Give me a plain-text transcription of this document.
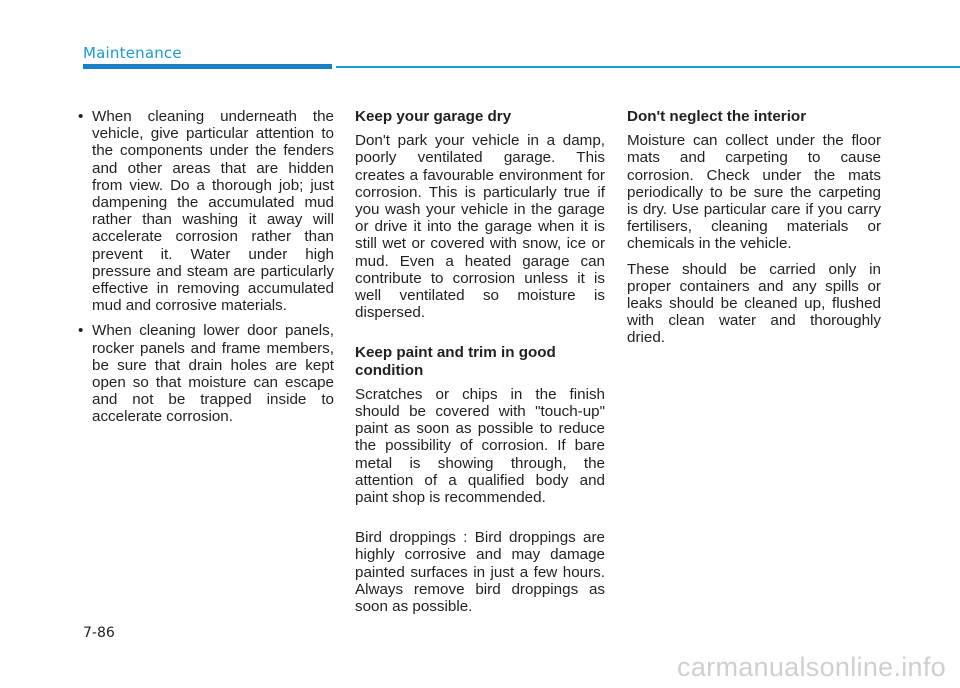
Maintenance
• When cleaning underneath the vehicle, give particular attention to the components under the fenders and other areas that are hidden from view. Do a thorough job; just dampening the accumulated mud rather than washing it away will accelerate corrosion rather than prevent it. Water under high pressure and steam are particularly effective in removing accumulated mud and corrosive materials.
• When cleaning lower door panels, rocker panels and frame members, be sure that drain holes are kept open so that moisture can escape and not be trapped inside to accelerate corrosion.
Keep your garage dry
Don't park your vehicle in a damp, poorly ventilated garage. This creates a favourable environment for corrosion. This is particularly true if you wash your vehicle in the garage or drive it into the garage when it is still wet or covered with snow, ice or mud. Even a heated garage can contribute to corrosion unless it is well ventilated so moisture is dispersed.
Keep paint and trim in good condition
Scratches or chips in the finish should be covered with "touch-up" paint as soon as possible to reduce the possibility of corrosion. If bare metal is showing through, the attention of a qualified body and paint shop is recommended.
Bird droppings : Bird droppings are highly corrosive and may damage painted surfaces in just a few hours. Always remove bird droppings as soon as possible.
Don't neglect the interior
Moisture can collect under the floor mats and carpeting to cause corrosion. Check under the mats periodically to be sure the carpeting is dry. Use particular care if you carry fertilisers, cleaning materials or chemicals in the vehicle.
These should be carried only in proper containers and any spills or leaks should be cleaned up, flushed with clean water and thoroughly dried.
7-86
carmanualsonline.info
